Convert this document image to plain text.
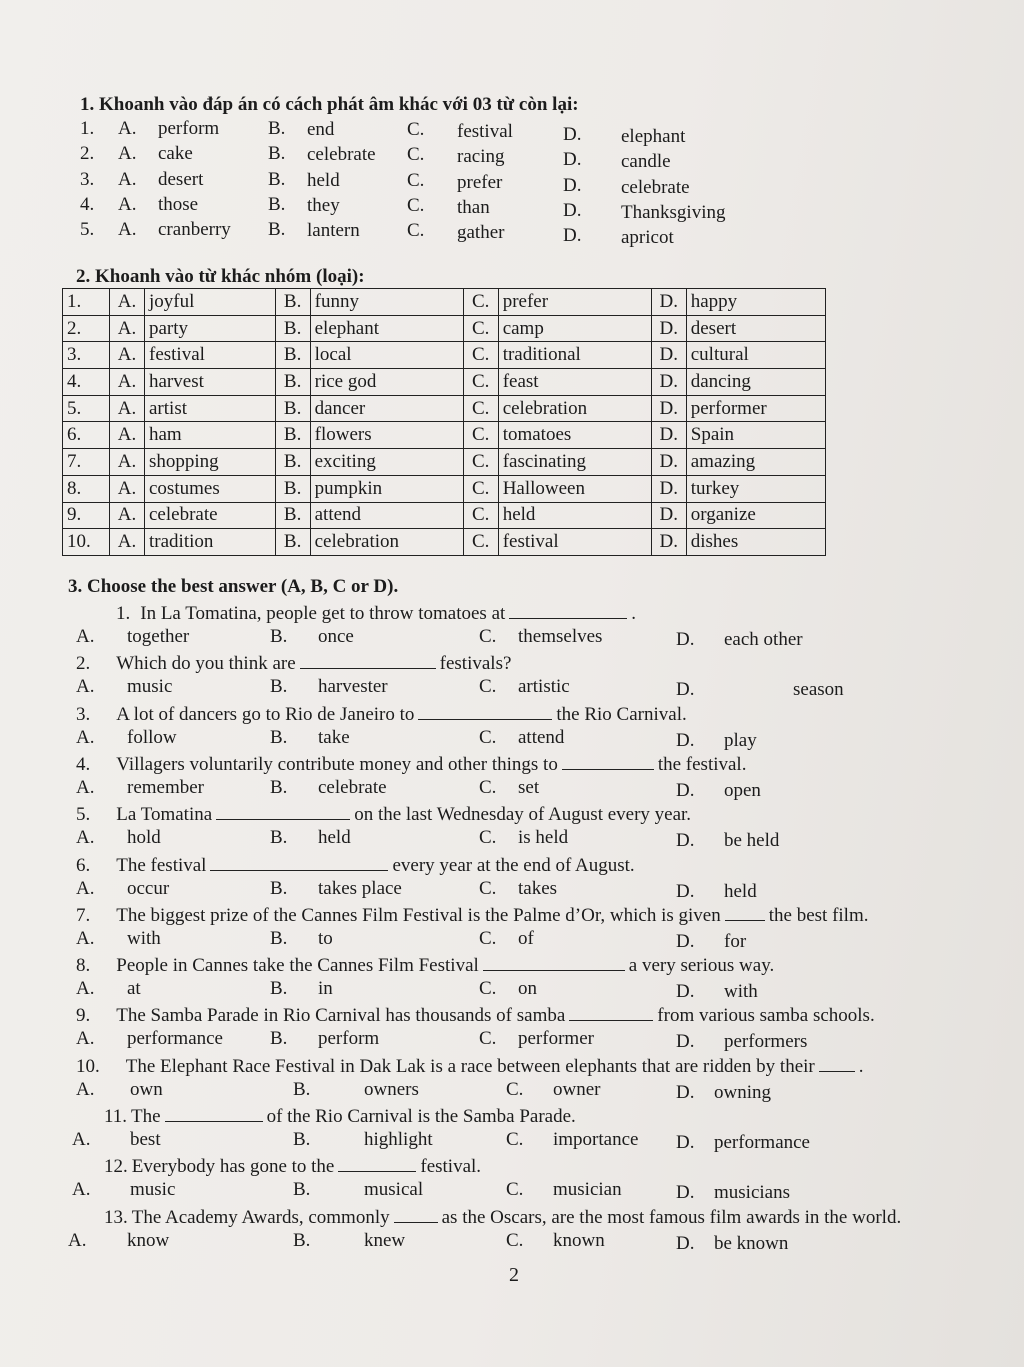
1. Khoanh vào đáp án có cách phát âm khác với 03 từ còn lại:
1. A. perform	B. end	C. festival	D. elephant
2. A. cake	B. celebrate C. racing	D. candle
3. A. desert	B. held	C. prefer	D. celebrate
4. A. those	B. they	C. than	D. Thanksgiving
5. A. cranberry B. lantern C. gather	D. apricot
2. Khoanh vào từ khác nhóm (loại):
1.	A.	joyful	B.	funny	C.	prefer	D.	happy
2.	A.	party	B.	elephant	C.	camp	D.	desert
3.	A.	festival	B.	local	C.	traditional	D.	cultural
4.	A.	harvest	B.	rice god	C.	feast	D.	dancing
5.	A.	artist	B.	dancer	C.	celebration	D.	performer
6.	A.	ham	B.	flowers	C.	tomatoes	D.	Spain
7.	A.	shopping	B.	exciting	C.	fascinating	D.	amazing
8.	A.	costumes	B.	pumpkin	C.	Halloween	D.	turkey
9.	A.	celebrate	B.	attend	C.	held	D.	organize
10.	A.	tradition	B.	celebration	C.	festival	D.	dishes
3. Choose the best answer (A, B, C or D).
1. In La Tomatina, people get to throw tomatoes at	.
A. together	B. once	C. themselves	D. each other
2. Which do you think are	festivals?
A. music	B. harvester	C. artistic	D.	season
3. A lot of dancers go to Rio de Janeiro to	the Rio Carnival.
A. follow	B. take	C. attend	D. play
4. Villagers voluntarily contribute money and other things to	the festival.
A. remember	B. celebrate	C. set	D. open
5. La Tomatina	on the last Wednesday of August every year.
A. hold	B. held	C. is held	D. be held
6. The festival	every year at the end of August.
A. occur	B. takes place	C. takes	D. held
7. The biggest prize of the Cannes Film Festival is the Palme d’Or, which is given	the best film.
A. with	B. to	C. of	D. for
8. People in Cannes take the Cannes Film Festival	a very serious way.
A. at	B. in	C. on	D. with
9. The Samba Parade in Rio Carnival has thousands of samba	from various samba schools.
A. performance B. perform	C. performer	D. performers
10. The Elephant Race Festival in Dak Lak is a race between elephants that are ridden by their .
A. own	B.	owners	C. owner	D. owning
11. The	of the Rio Carnival is the Samba Parade.
A. best	B.	highlight	C. importance D. performance
12. Everybody has gone to the	festival.
A. music	B.	musical	C. musician	D. musicians
13. The Academy Awards, commonly	as the Oscars, are the most famous film awards in the world.
A. know	B.	knew	C. known	D. be known
2
